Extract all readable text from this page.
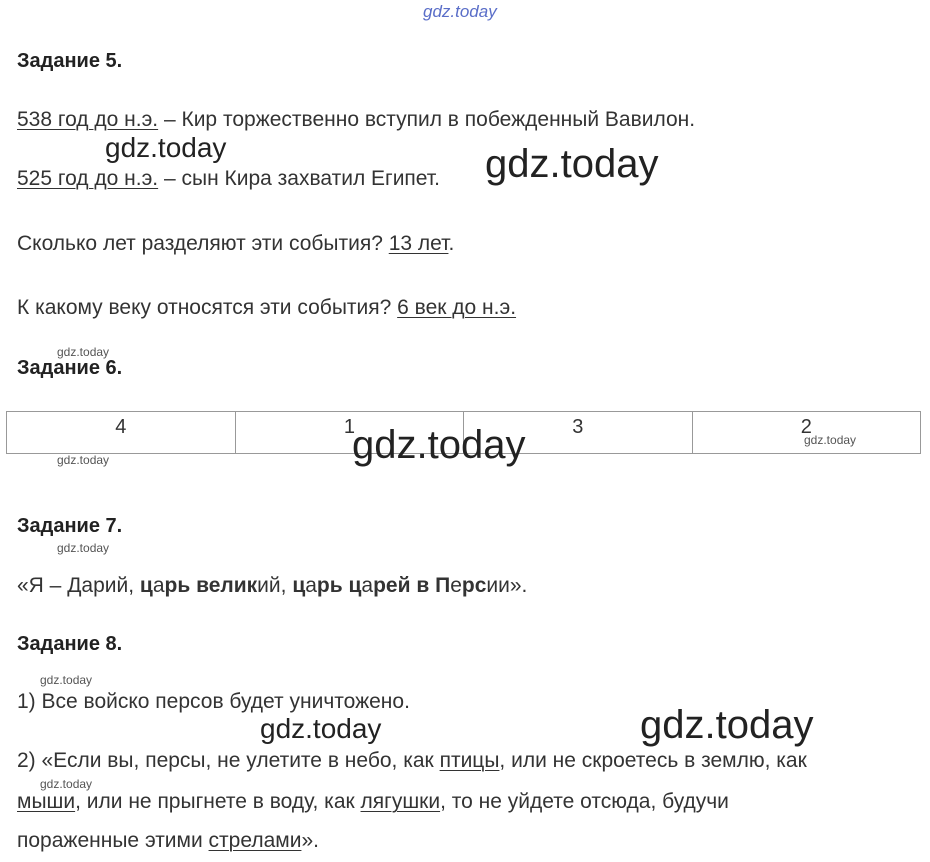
gdz.today
Задание 5.
538 год до н.э. – Кир торжественно вступил в побежденный Вавилон.
gdz.today
525 год до н.э. – сын Кира захватил Египет. gdz.today
Сколько лет разделяют эти события? 13 лет.
К какому веку относятся эти события? 6 век до н.э.
gdz.today
Задание 6.
4	1	3	2
gdz.today	gdz.today
gdz.today
Задание 7.
gdz.today
«Я – Дарий, царь великий, царь царей в Персии».
Задание 8.
gdz.today
1) Все войско персов будет уничтожено.
gdz.today	gdz.today
2) «Если вы, персы, не улетите в небо, как птицы, или не скроетесь в землю, как
gdz.today
мыши, или не прыгнете в воду, как лягушки, то не уйдете отсюда, будучи
пораженные этими стрелами».
